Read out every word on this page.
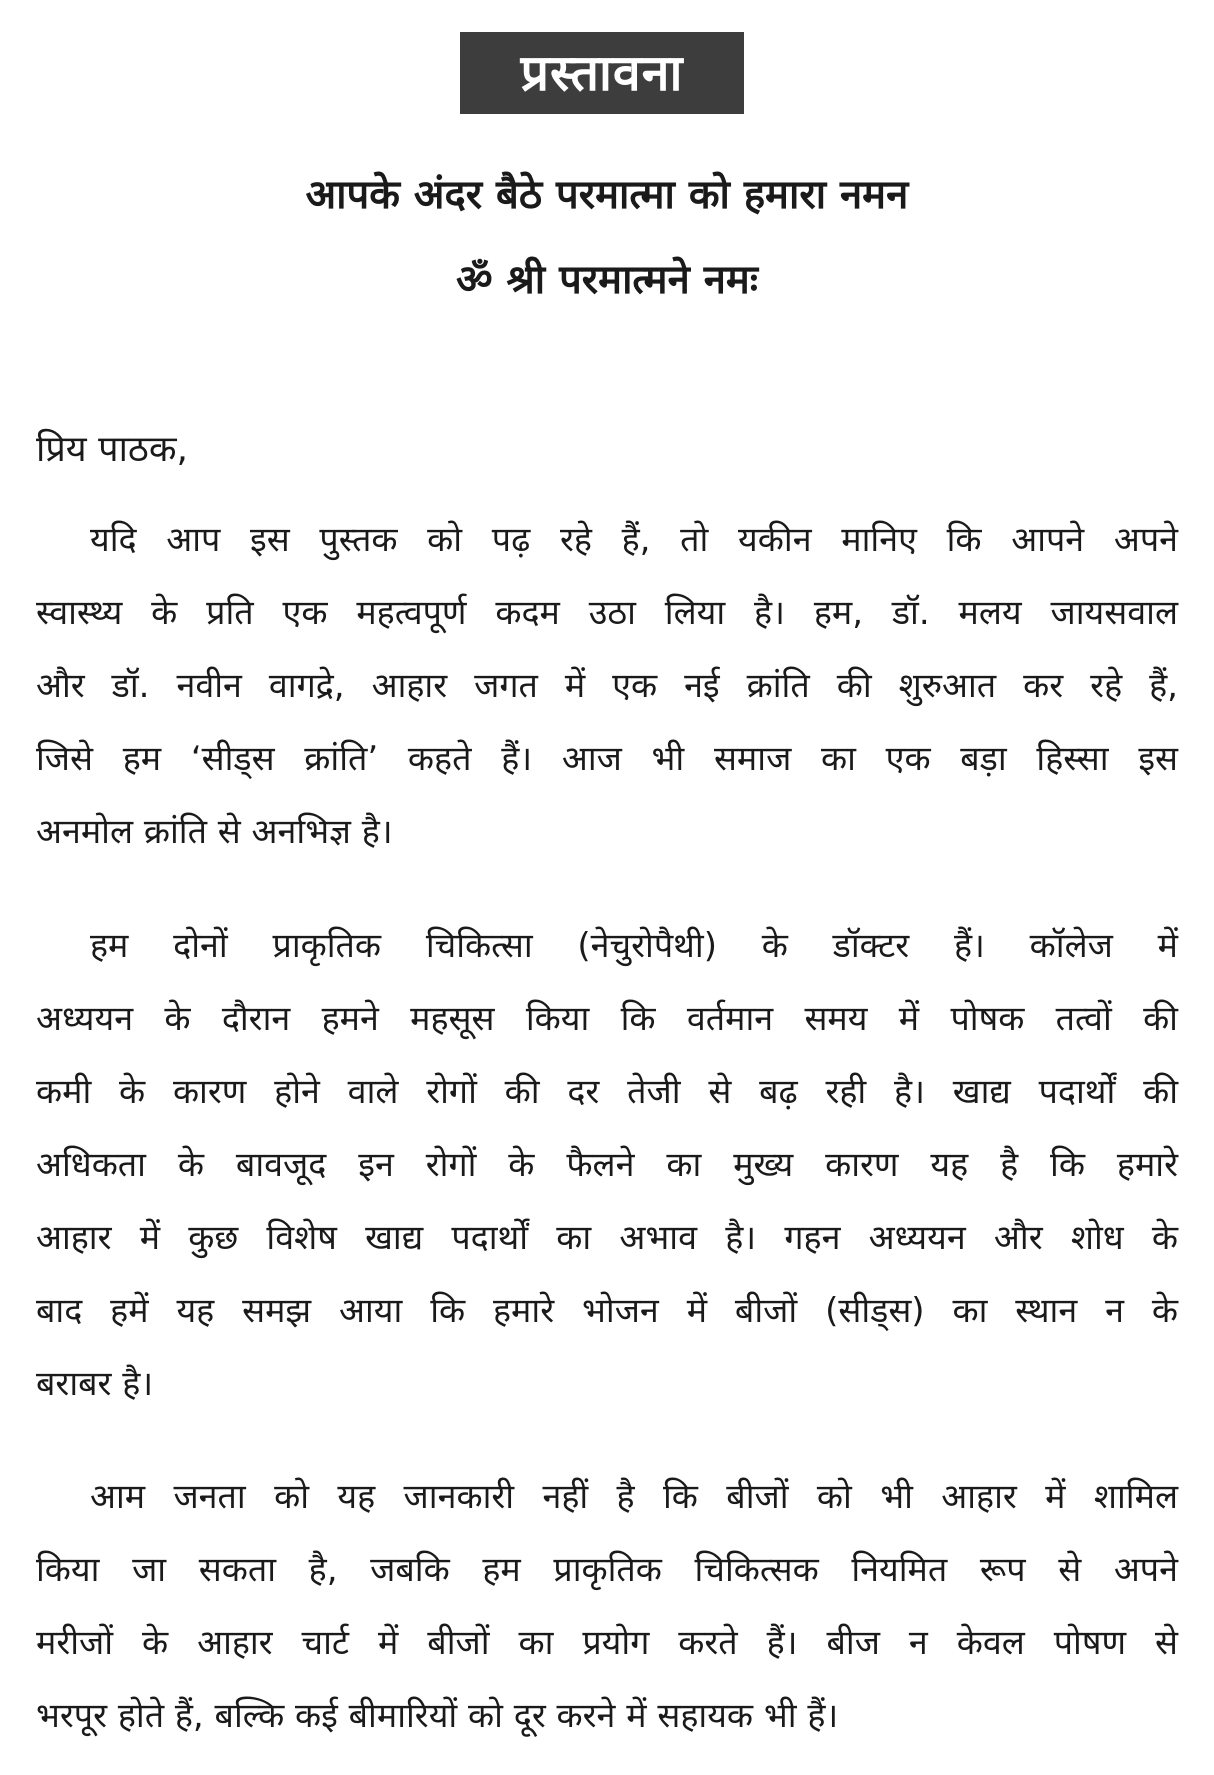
प्रस्तावना
आपके अंदर बैठे परमात्मा को हमारा नमन
ॐ श्री परमात्मने नमः
प्रिय पाठक,
यदि आप इस पुस्तक को पढ़ रहे हैं, तो यकीन मानिए कि आपने अपने
स्वास्थ्य के प्रति एक महत्वपूर्ण कदम उठा लिया है। हम, डॉ. मलय जायसवाल
और डॉ. नवीन वागद्रे, आहार जगत में एक नई क्रांति की शुरुआत कर रहे हैं,
जिसे हम ‘सीड्स क्रांति’ कहते हैं। आज भी समाज का एक बड़ा हिस्सा इस
अनमोल क्रांति से अनभिज्ञ है।
हम दोनों प्राकृतिक चिकित्सा (नेचुरोपैथी) के डॉक्टर हैं। कॉलेज में
अध्ययन के दौरान हमने महसूस किया कि वर्तमान समय में पोषक तत्वों की
कमी के कारण होने वाले रोगों की दर तेजी से बढ़ रही है। खाद्य पदार्थों की
अधिकता के बावजूद इन रोगों के फैलने का मुख्य कारण यह है कि हमारे
आहार में कुछ विशेष खाद्य पदार्थों का अभाव है। गहन अध्ययन और शोध के
बाद हमें यह समझ आया कि हमारे भोजन में बीजों (सीड्स) का स्थान न के
बराबर है।
आम जनता को यह जानकारी नहीं है कि बीजों को भी आहार में शामिल
किया जा सकता है, जबकि हम प्राकृतिक चिकित्सक नियमित रूप से अपने
मरीजों के आहार चार्ट में बीजों का प्रयोग करते हैं। बीज न केवल पोषण से
भरपूर होते हैं, बल्कि कई बीमारियों को दूर करने में सहायक भी हैं।
